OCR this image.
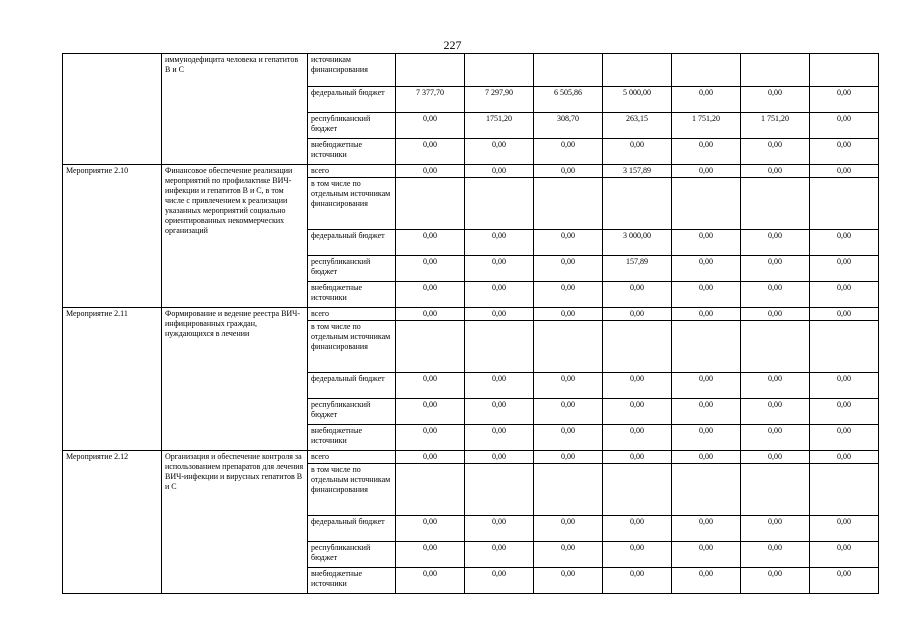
227
	иммунодефицита человека и гепатитов В и С	источникам финансирования							
		федеральный бюджет	7 377,70	7 297,90	6 505,86	5 000,00	0,00	0,00	0,00
		республиканский бюджет	0,00	1751,20	308,70	263,15	1 751,20	1 751,20	0,00
		внебюджетные источники	0,00	0,00	0,00	0,00	0,00	0,00	0,00
Мероприятие 2.10	Финансовое обеспечение реализации мероприятий по профилактике ВИЧ-инфекции и гепатитов В и С, в том числе с привлечением к реализации указанных мероприятий социально ориентированных некоммерческих организаций	всего	0,00	0,00	0,00	3 157,89	0,00	0,00	0,00
		в том числе по отдельным источникам финансирования							
		федеральный бюджет	0,00	0,00	0,00	3 000,00	0,00	0,00	0,00
		республиканский бюджет	0,00	0,00	0,00	157,89	0,00	0,00	0,00
		внебюджетные источники	0,00	0,00	0,00	0,00	0,00	0,00	0,00
Мероприятие 2.11	Формирование и ведение реестра ВИЧ-инфицированных граждан, нуждающихся в лечении	всего	0,00	0,00	0,00	0,00	0,00	0,00	0,00
		в том числе по отдельным источникам финансирования							
		федеральный бюджет	0,00	0,00	0,00	0,00	0,00	0,00	0,00
		республиканский бюджет	0,00	0,00	0,00	0,00	0,00	0,00	0,00
		внебюджетные источники	0,00	0,00	0,00	0,00	0,00	0,00	0,00
Мероприятие 2.12	Организация и обеспечение контроля за использованием препаратов для лечения ВИЧ-инфекции и вирусных гепатитов В и С	всего	0,00	0,00	0,00	0,00	0,00	0,00	0,00
		в том числе по отдельным источникам финансирования							
		федеральный бюджет	0,00	0,00	0,00	0,00	0,00	0,00	0,00
		республиканский бюджет	0,00	0,00	0,00	0,00	0,00	0,00	0,00
		внебюджетные источники	0,00	0,00	0,00	0,00	0,00	0,00	0,00
